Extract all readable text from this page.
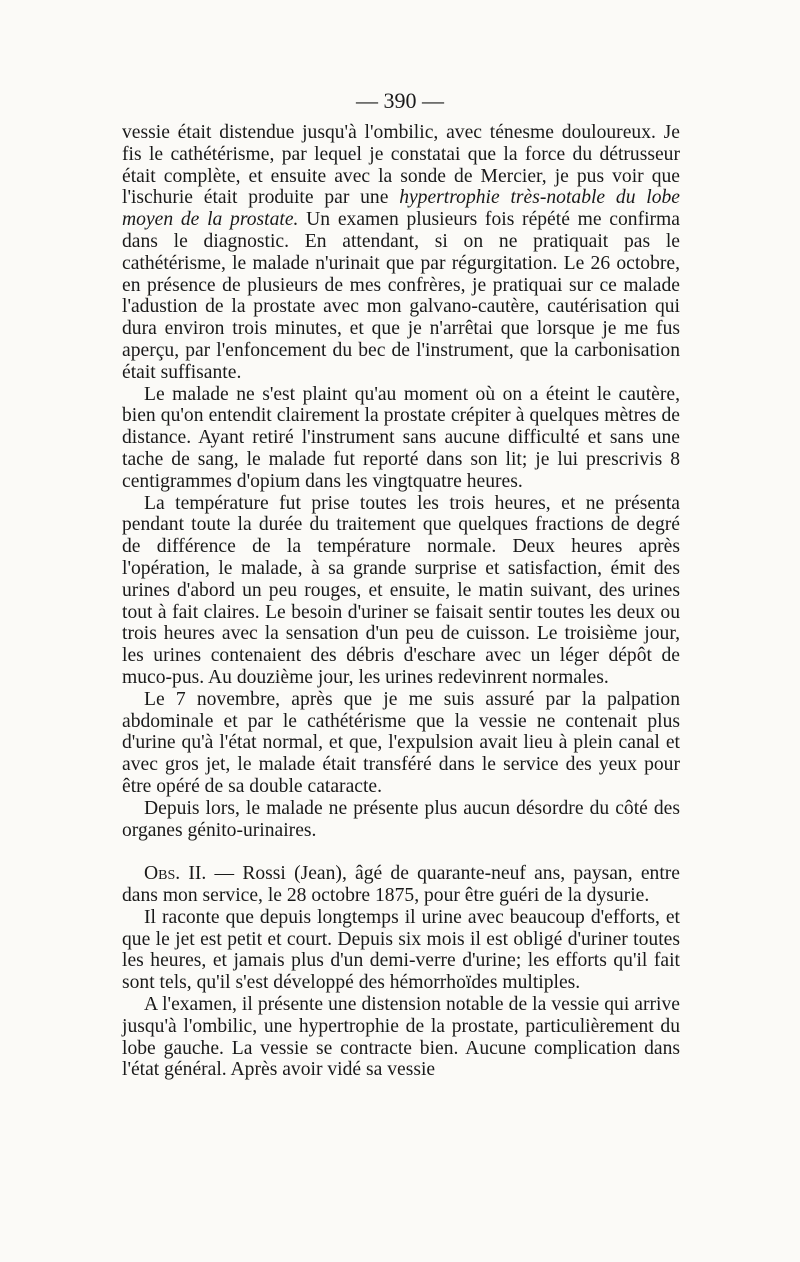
— 390 —

vessie était distendue jusqu'à l'ombilic, avec ténesme douloureux. Je fis le cathétérisme, par lequel je constatai que la force du détrusseur était complète, et ensuite avec la sonde de Mercier, je pus voir que l'ischurie était produite par une hypertrophie très-notable du lobe moyen de la prostate. Un examen plusieurs fois répété me confirma dans le diagnostic. En attendant, si on ne pratiquait pas le cathétérisme, le malade n'urinait que par régurgitation. Le 26 octobre, en présence de plusieurs de mes confrères, je pratiquai sur ce malade l'adustion de la prostate avec mon galvano-cautère, cautérisation qui dura environ trois minutes, et que je n'arrêtai que lorsque je me fus aperçu, par l'enfoncement du bec de l'instrument, que la carbonisation était suffisante.

Le malade ne s'est plaint qu'au moment où on a éteint le cautère, bien qu'on entendit clairement la prostate crépiter à quelques mètres de distance. Ayant retiré l'instrument sans aucune difficulté et sans une tache de sang, le malade fut reporté dans son lit; je lui prescrivis 8 centigrammes d'opium dans les vingtquatre heures.

La température fut prise toutes les trois heures, et ne présenta pendant toute la durée du traitement que quelques fractions de degré de différence de la température normale. Deux heures après l'opération, le malade, à sa grande surprise et satisfaction, émit des urines d'abord un peu rouges, et ensuite, le matin suivant, des urines tout à fait claires. Le besoin d'uriner se faisait sentir toutes les deux ou trois heures avec la sensation d'un peu de cuisson. Le troisième jour, les urines contenaient des débris d'eschare avec un léger dépôt de muco-pus. Au douzième jour, les urines redevinrent normales.

Le 7 novembre, après que je me suis assuré par la palpation abdominale et par le cathétérisme que la vessie ne contenait plus d'urine qu'à l'état normal, et que, l'expulsion avait lieu à plein canal et avec gros jet, le malade était transféré dans le service des yeux pour être opéré de sa double cataracte.

Depuis lors, le malade ne présente plus aucun désordre du côté des organes génito-urinaires.

Obs. II. — Rossi (Jean), âgé de quarante-neuf ans, paysan, entre dans mon service, le 28 octobre 1875, pour être guéri de la dysurie.

Il raconte que depuis longtemps il urine avec beaucoup d'efforts, et que le jet est petit et court. Depuis six mois il est obligé d'uriner toutes les heures, et jamais plus d'un demi-verre d'urine; les efforts qu'il fait sont tels, qu'il s'est développé des hémorrhoïdes multiples.

A l'examen, il présente une distension notable de la vessie qui arrive jusqu'à l'ombilic, une hypertrophie de la prostate, particulièrement du lobe gauche. La vessie se contracte bien. Aucune complication dans l'état général. Après avoir vidé sa vessie
